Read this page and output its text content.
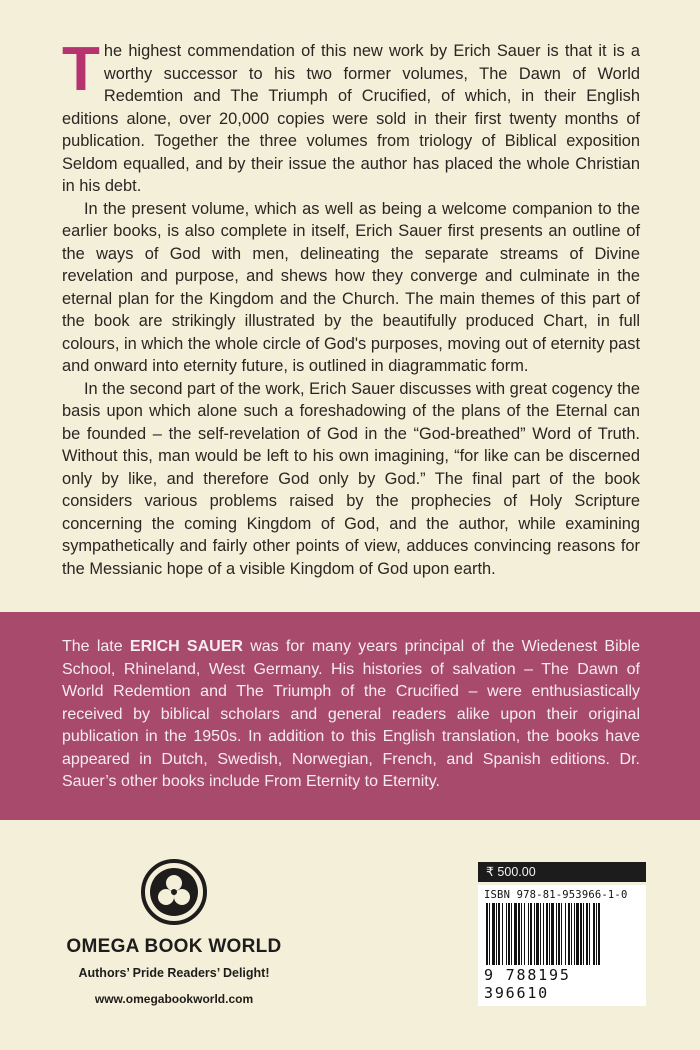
The highest commendation of this new work by Erich Sauer is that it is a worthy successor to his two former volumes, The Dawn of World Redemtion and The Triumph of Crucified, of which, in their English editions alone, over 20,000 copies were sold in their first twenty months of publication. Together the three volumes from triology of Biblical exposition Seldom equalled, and by their issue the author has placed the whole Christian in his debt.

In the present volume, which as well as being a welcome companion to the earlier books, is also complete in itself, Erich Sauer first presents an outline of the ways of God with men, delineating the separate streams of Divine revelation and purpose, and shews how they converge and culminate in the eternal plan for the Kingdom and the Church. The main themes of this part of the book are strikingly illustrated by the beautifully produced Chart, in full colours, in which the whole circle of God's purposes, moving out of eternity past and onward into eternity future, is outlined in diagrammatic form.

In the second part of the work, Erich Sauer discusses with great cogency the basis upon which alone such a foreshadowing of the plans of the Eternal can be founded – the self-revelation of God in the “God-breathed” Word of Truth. Without this, man would be left to his own imagining, “for like can be discerned only by like, and therefore God only by God.” The final part of the book considers various problems raised by the prophecies of Holy Scripture concerning the coming Kingdom of God, and the author, while examining sympathetically and fairly other points of view, adduces convincing reasons for the Messianic hope of a visible Kingdom of God upon earth.

The late ERICH SAUER was for many years principal of the Wiedenest Bible School, Rhineland, West Germany. His histories of salvation – The Dawn of World Redemtion and The Triumph of the Crucified – were enthusiastically received by biblical scholars and general readers alike upon their original publication in the 1950s. In addition to this English translation, the books have appeared in Dutch, Swedish, Norwegian, French, and Spanish editions. Dr. Sauer’s other books include From Eternity to Eternity.
OMEGA BOOK WORLD
Authors’ Pride Readers’ Delight!
www.omegabookworld.com
₹ 500.00
ISBN 978-81-953966-1-0
9 788195 396610
